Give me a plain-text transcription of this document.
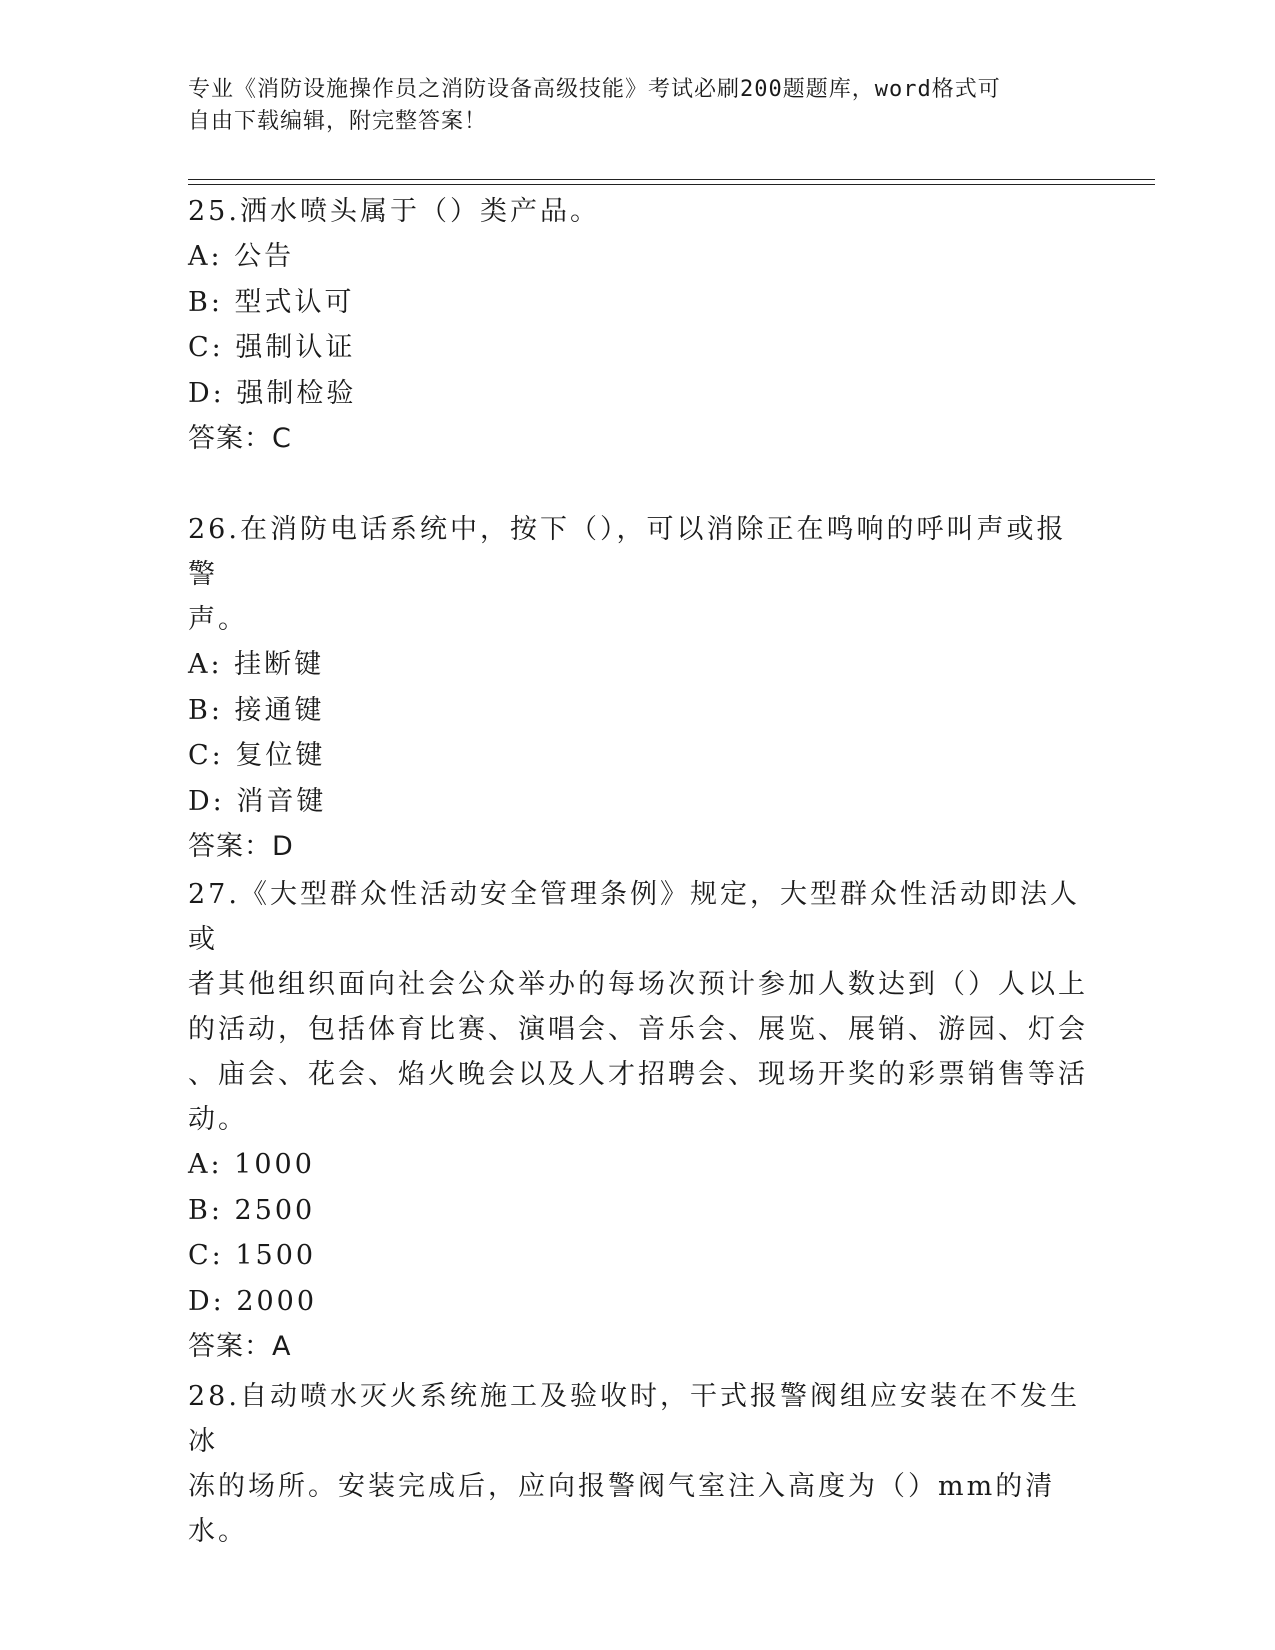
专业《消防设施操作员之消防设备高级技能》考试必刷200题题库，word格式可
自由下载编辑，附完整答案！

25.洒水喷头属于（）类产品。

A: 公告

B: 型式认可

C: 强制认证

D: 强制检验

答案：C

26.在消防电话系统中，按下（），可以消除正在鸣响的呼叫声或报警
声。

A: 挂断键

B: 接通键

C: 复位键

D: 消音键

答案：D

27.《大型群众性活动安全管理条例》规定，大型群众性活动即法人或
者其他组织面向社会公众举办的每场次预计参加人数达到（）人以上
的活动，包括体育比赛、演唱会、音乐会、展览、展销、游园、灯会
、庙会、花会、焰火晚会以及人才招聘会、现场开奖的彩票销售等活
动。

A: 1000

B: 2500

C: 1500

D: 2000

答案：A

28.自动喷水灭火系统施工及验收时，干式报警阀组应安装在不发生冰
冻的场所。安装完成后，应向报警阀气室注入高度为（）mm的清水。
